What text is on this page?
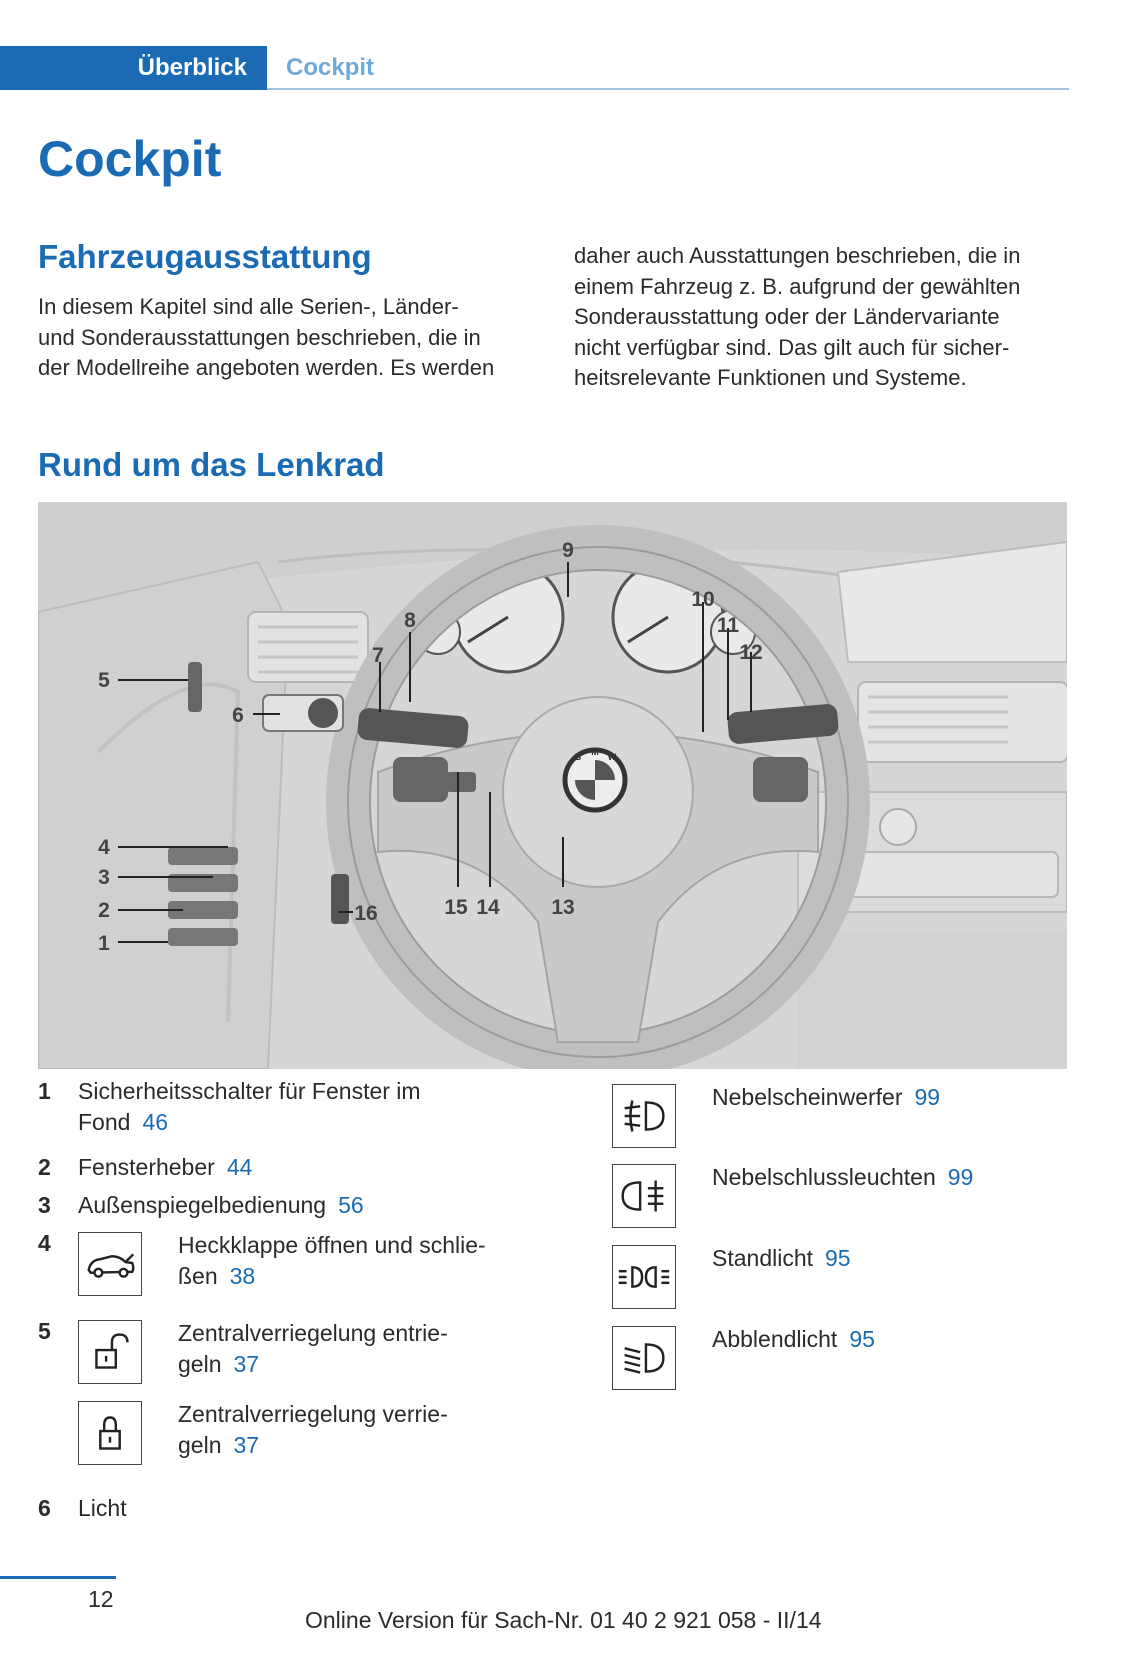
Überblick	Cockpit
Cockpit
Fahrzeugausstattung
In diesem Kapitel sind alle Serien-, Länder-
und Sonderausstattungen beschrieben, die in
der Modellreihe angeboten werden. Es werden
daher auch Ausstattungen beschrieben, die in
einem Fahrzeug z. B. aufgrund der gewählten
Sonderausstattung oder der Ländervariante
nicht verfügbar sind. Das gilt auch für sicher-
heitsrelevante Funktionen und Systeme.
Rund um das Lenkrad
B M W
1
2
3
4
5
6
7
8
9
10
11
12
13
14
15
16
1 Sicherheitsschalter für Fenster im
Fond 46
2 Fensterheber 44
3 Außenspiegelbedienung 56
4	Heckklappe öffnen und schlie-
ßen 38
5	Zentralverriegelung entrie-
geln 37
Zentralverriegelung verrie-
geln 37
6 Licht
Nebelscheinwerfer 99
Nebelschlussleuchten 99
Standlicht 95
Abblendlicht 95
12
Online Version für Sach-Nr. 01 40 2 921 058 - II/14
